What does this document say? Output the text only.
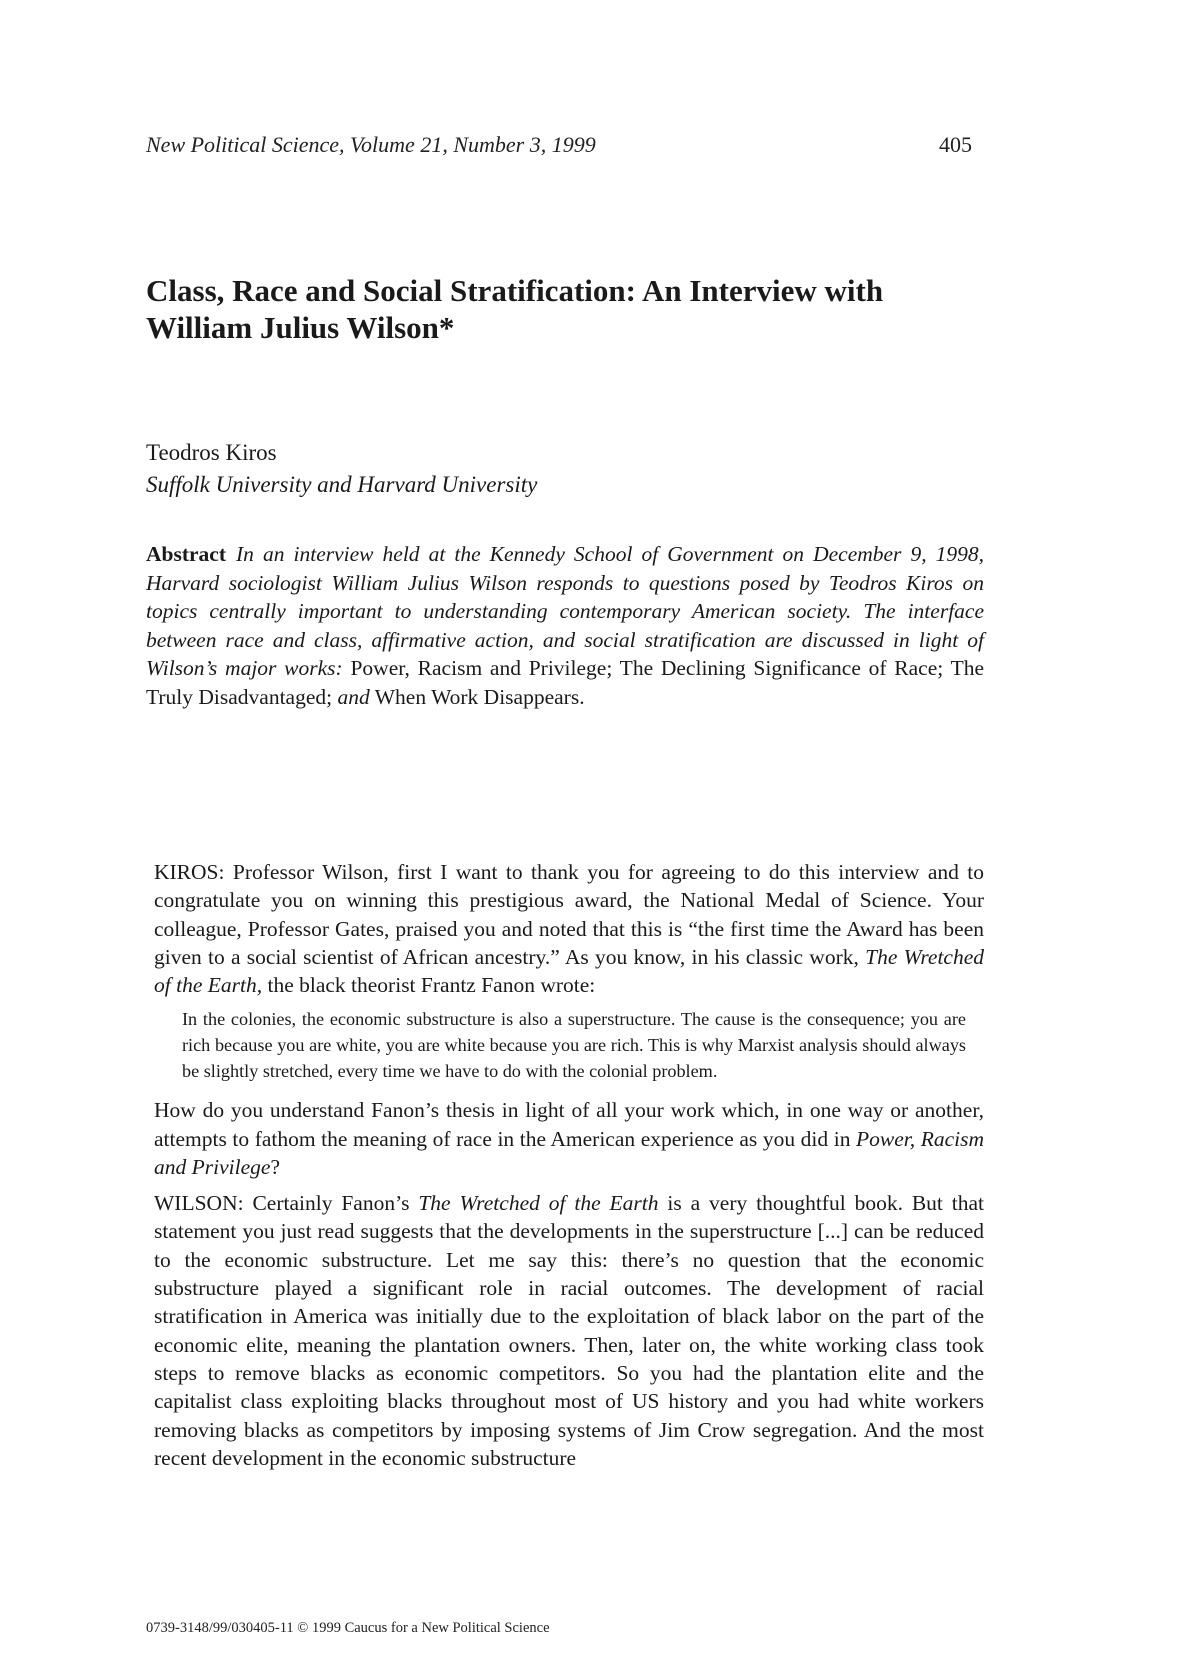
New Political Science, Volume 21, Number 3, 1999	405
Class, Race and Social Stratification: An Interview with William Julius Wilson*
Teodros Kiros
Suffolk University and Harvard University

Abstract In an interview held at the Kennedy School of Government on December 9, 1998, Harvard sociologist William Julius Wilson responds to questions posed by Teodros Kiros on topics centrally important to understanding contemporary American society. The interface between race and class, affirmative action, and social stratification are discussed in light of Wilson’s major works: Power, Racism and Privilege; The Declining Significance of Race; The Truly Disadvantaged; and When Work Disappears.

KIROS: Professor Wilson, first I want to thank you for agreeing to do this interview and to congratulate you on winning this prestigious award, the National Medal of Science. Your colleague, Professor Gates, praised you and noted that this is “the first time the Award has been given to a social scientist of African ancestry.” As you know, in his classic work, The Wretched of the Earth, the black theorist Frantz Fanon wrote:

In the colonies, the economic substructure is also a superstructure. The cause is the consequence; you are rich because you are white, you are white because you are rich. This is why Marxist analysis should always be slightly stretched, every time we have to do with the colonial problem.

How do you understand Fanon’s thesis in light of all your work which, in one way or another, attempts to fathom the meaning of race in the American experience as you did in Power, Racism and Privilege?

WILSON: Certainly Fanon’s The Wretched of the Earth is a very thoughtful book. But that statement you just read suggests that the developments in the superstructure [...] can be reduced to the economic substructure. Let me say this: there’s no question that the economic substructure played a significant role in racial outcomes. The development of racial stratification in America was initially due to the exploitation of black labor on the part of the economic elite, meaning the plantation owners. Then, later on, the white working class took steps to remove blacks as economic competitors. So you had the plantation elite and the capitalist class exploiting blacks throughout most of US history and you had white workers removing blacks as competitors by imposing systems of Jim Crow segregation. And the most recent development in the economic substructure

0739-3148/99/030405-11 © 1999 Caucus for a New Political Science
